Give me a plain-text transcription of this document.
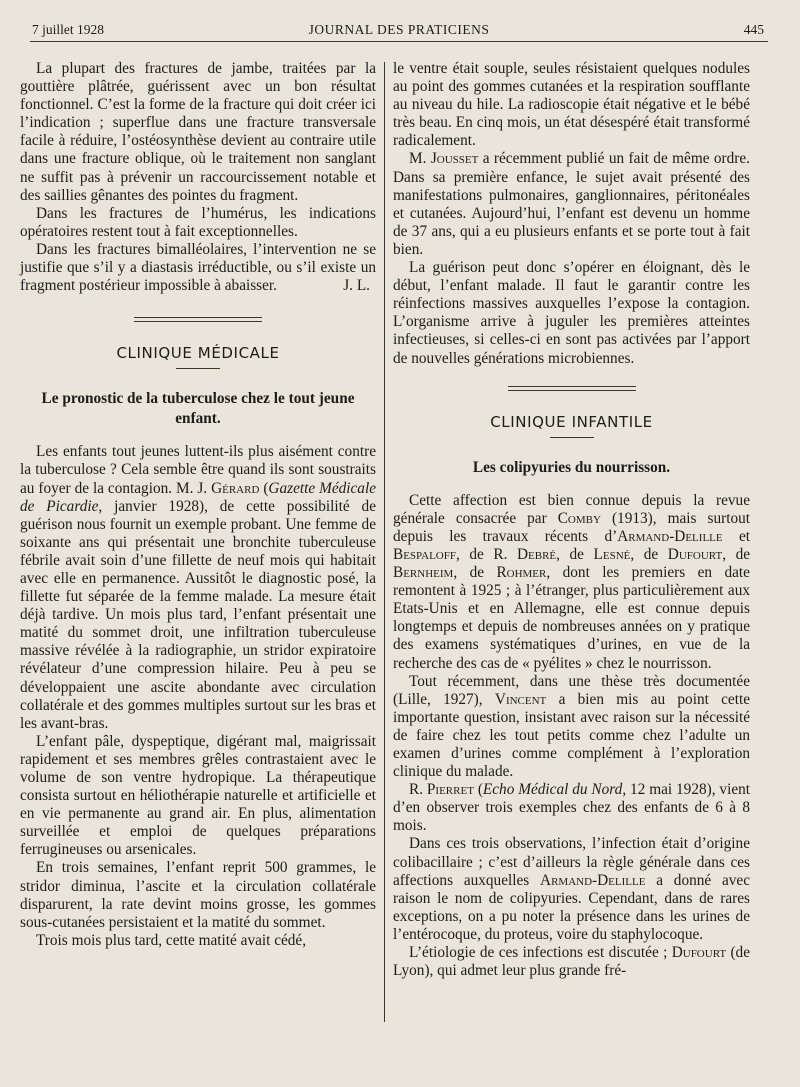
7 juillet 1928	JOURNAL DES PRATICIENS	445

La plupart des fractures de jambe, traitées par la gouttière plâtrée, guérissent avec un bon résultat fonctionnel. C’est la forme de la fracture qui doit créer ici l’indication ; superflue dans une fracture transversale facile à réduire, l’ostéosynthèse devient au contraire utile dans une fracture oblique, où le traitement non sanglant ne suffit pas à prévenir un raccourcissement notable et des saillies gênantes des pointes du fragment.

Dans les fractures de l’humérus, les indications opératoires restent tout à fait exceptionnelles.

Dans les fractures bimalléolaires, l’intervention ne se justifie que s’il y a diastasis irréductible, ou s’il existe un fragment postérieur impossible à abaisser.	J. L.

CLINIQUE MÉDICALE
Le pronostic de la tuberculose chez le tout jeune enfant.

Les enfants tout jeunes luttent-ils plus aisément contre la tuberculose ? Cela semble être quand ils sont soustraits au foyer de la contagion. M. J. Gérard (Gazette Médicale de Picardie, janvier 1928), de cette possibilité de guérison nous fournit un exemple probant. Une femme de soixante ans qui présentait une bronchite tuberculeuse fébrile avait soin d’une fillette de neuf mois qui habitait avec elle en permanence. Aussitôt le diagnostic posé, la fillette fut séparée de la femme malade. La mesure était déjà tardive. Un mois plus tard, l’enfant présentait une matité du sommet droit, une infiltration tuberculeuse massive révélée à la radiographie, un stridor expiratoire révélateur d’une compression hilaire. Peu à peu se développaient une ascite abondante avec circulation collatérale et des gommes multiples surtout sur les bras et les avant-bras.

L’enfant pâle, dyspeptique, digérant mal, maigrissait rapidement et ses membres grêles contrastaient avec le volume de son ventre hydropique. La thérapeutique consista surtout en héliothérapie naturelle et artificielle et en vie permanente au grand air. En plus, alimentation surveillée et emploi de quelques préparations ferrugineuses ou arsenicales.

En trois semaines, l’enfant reprit 500 grammes, le stridor diminua, l’ascite et la circulation collatérale disparurent, la rate devint moins grosse, les gommes sous-cutanées persistaient et la matité du sommet.

Trois mois plus tard, cette matité avait cédé,

le ventre était souple, seules résistaient quelques nodules au point des gommes cutanées et la respiration soufflante au niveau du hile. La radioscopie était négative et le bébé très beau. En cinq mois, un état désespéré était transformé radicalement.

M. Jousset a récemment publié un fait de même ordre. Dans sa première enfance, le sujet avait présenté des manifestations pulmonaires, ganglionnaires, péritonéales et cutanées. Aujourd’hui, l’enfant est devenu un homme de 37 ans, qui a eu plusieurs enfants et se porte tout à fait bien.

La guérison peut donc s’opérer en éloignant, dès le début, l’enfant malade. Il faut le garantir contre les réinfections massives auxquelles l’expose la contagion. L’organisme arrive à juguler les premières atteintes infectieuses, si celles-ci en sont pas activées par l’apport de nouvelles générations microbiennes.

CLINIQUE INFANTILE
Les colipyuries du nourrisson.

Cette affection est bien connue depuis la revue générale consacrée par Comby (1913), mais surtout depuis les travaux récents d’Armand-Delille et Bespaloff, de R. Debré, de Lesné, de Dufourt, de Bernheim, de Rohmer, dont les premiers en date remontent à 1925 ; à l’étranger, plus particulièrement aux Etats-Unis et en Allemagne, elle est connue depuis longtemps et depuis de nombreuses années on y pratique des examens systématiques d’urines, en vue de la recherche des cas de « pyélites » chez le nourrisson.

Tout récemment, dans une thèse très documentée (Lille, 1927), Vincent a bien mis au point cette importante question, insistant avec raison sur la nécessité de faire chez les tout petits comme chez l’adulte un examen d’urines comme complément à l’exploration clinique du malade.

R. Pierret (Echo Médical du Nord, 12 mai 1928), vient d’en observer trois exemples chez des enfants de 6 à 8 mois.

Dans ces trois observations, l’infection était d’origine colibacillaire ; c’est d’ailleurs la règle générale dans ces affections auxquelles Armand-Delille a donné avec raison le nom de colipyuries. Cependant, dans de rares exceptions, on a pu noter la présence dans les urines de l’entérocoque, du proteus, voire du staphylocoque.

L’étiologie de ces infections est discutée ; Dufourt (de Lyon), qui admet leur plus grande fré-
